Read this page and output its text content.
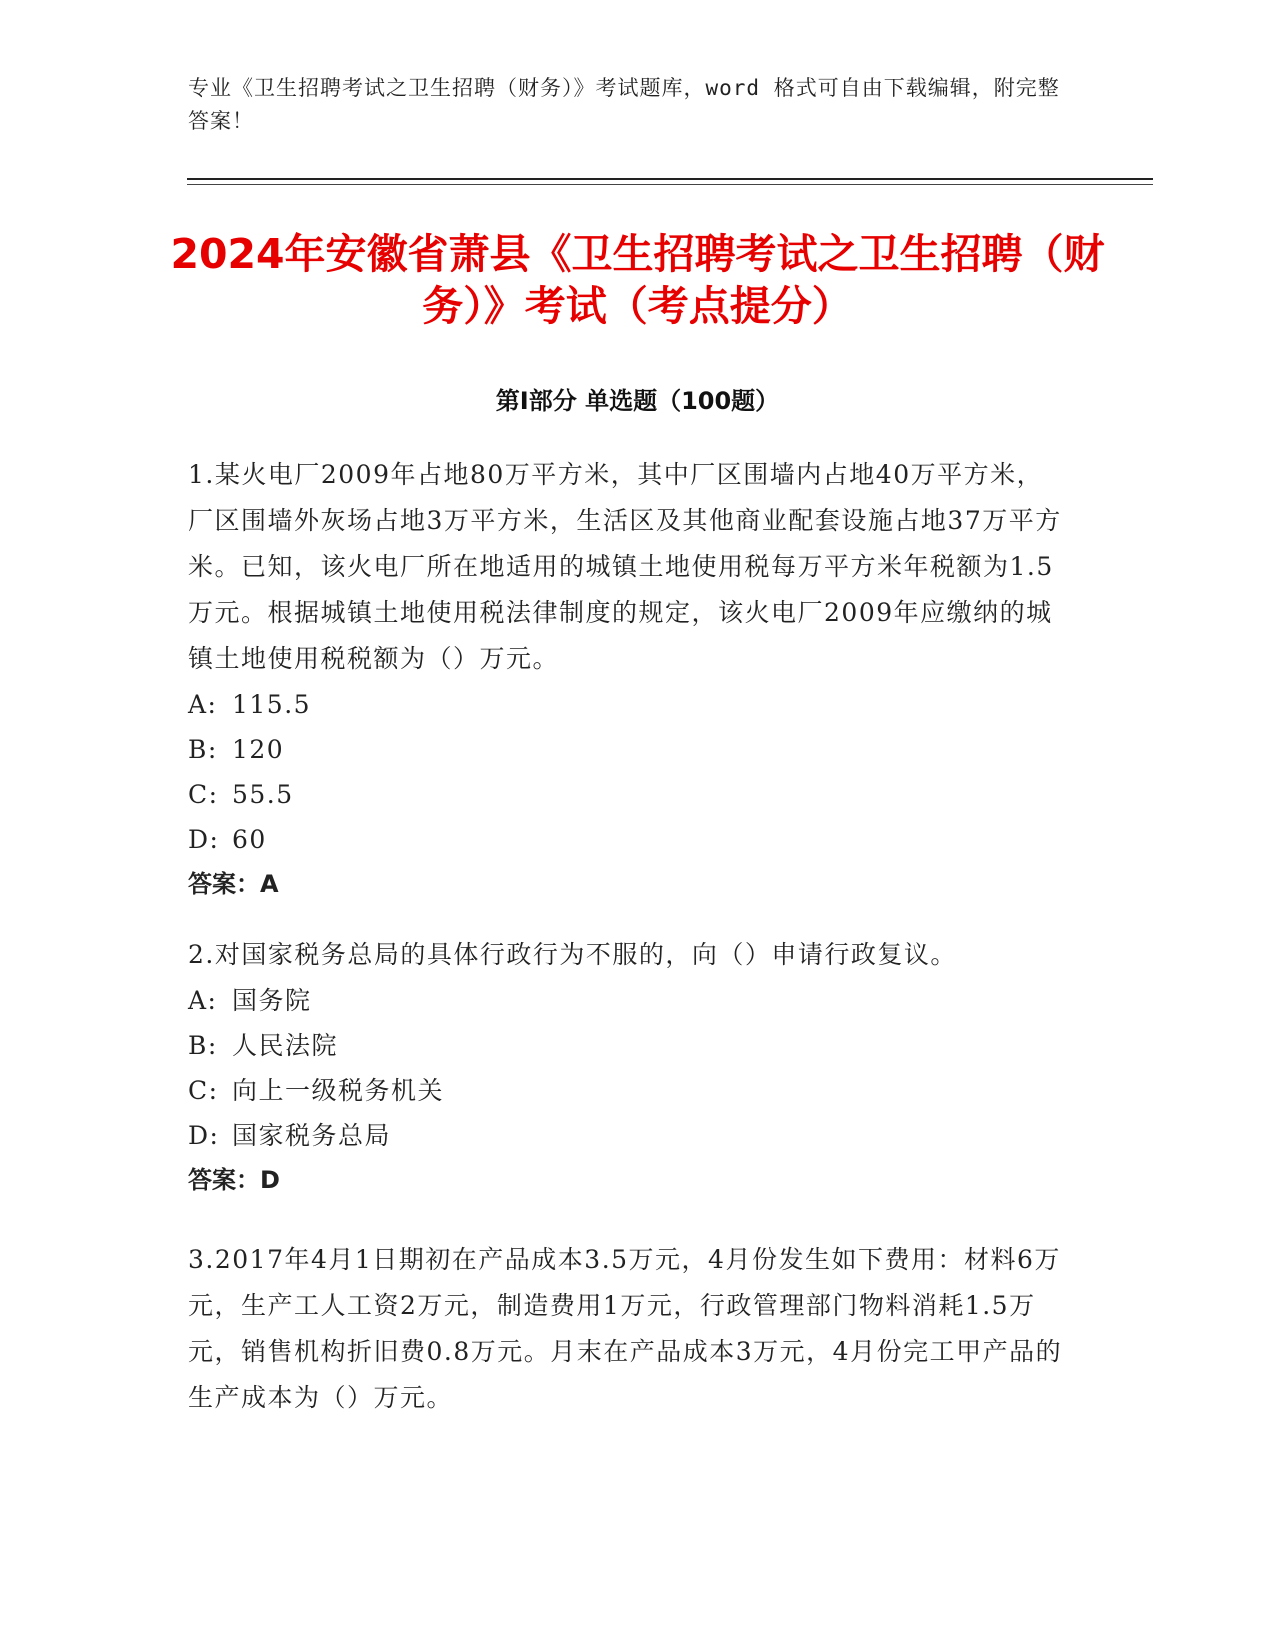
专业《卫生招聘考试之卫生招聘（财务）》考试题库，word 格式可自由下载编辑，附完整答案！
2024年安徽省萧县《卫生招聘考试之卫生招聘（财务）》考试（考点提分）
第Ⅰ部分 单选题（100题）
1.某火电厂2009年占地80万平方米，其中厂区围墙内占地40万平方米，厂区围墙外灰场占地3万平方米，生活区及其他商业配套设施占地37万平方米。已知，该火电厂所在地适用的城镇土地使用税每万平方米年税额为1.5万元。根据城镇土地使用税法律制度的规定，该火电厂2009年应缴纳的城镇土地使用税税额为（）万元。
A: 115.5
B: 120
C: 55.5
D: 60
答案：A
2.对国家税务总局的具体行政行为不服的，向（）申请行政复议。
A: 国务院
B: 人民法院
C: 向上一级税务机关
D: 国家税务总局
答案：D
3.2017年4月1日期初在产品成本3.5万元，4月份发生如下费用：材料6万元，生产工人工资2万元，制造费用1万元，行政管理部门物料消耗1.5万元，销售机构折旧费0.8万元。月末在产品成本3万元，4月份完工甲产品的生产成本为（）万元。
